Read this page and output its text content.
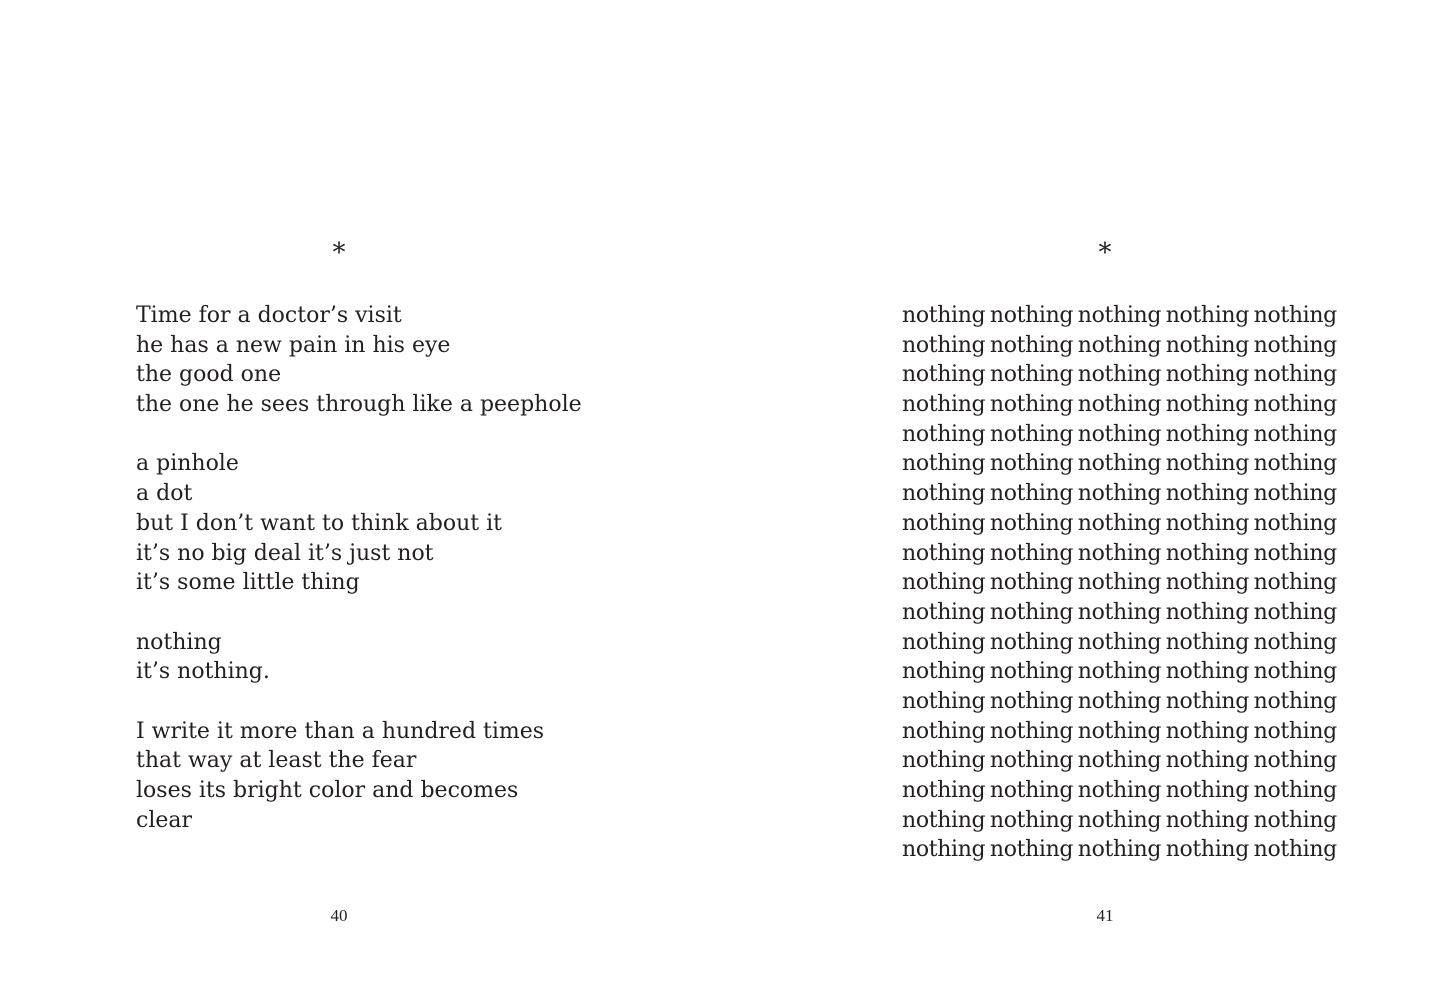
*
Time for a doctor’s visit
he has a new pain in his eye
the good one
the one he sees through like a peephole
a pinhole
a dot
but I don’t want to think about it
it’s no big deal it’s just not
it’s some little thing
nothing
it’s nothing.
I write it more than a hundred times
that way at least the fear
loses its bright color and becomes
clear
40
*
nothing nothing nothing nothing nothing
nothing nothing nothing nothing nothing
nothing nothing nothing nothing nothing
nothing nothing nothing nothing nothing
nothing nothing nothing nothing nothing
nothing nothing nothing nothing nothing
nothing nothing nothing nothing nothing
nothing nothing nothing nothing nothing
nothing nothing nothing nothing nothing
nothing nothing nothing nothing nothing
nothing nothing nothing nothing nothing
nothing nothing nothing nothing nothing
nothing nothing nothing nothing nothing
nothing nothing nothing nothing nothing
nothing nothing nothing nothing nothing
nothing nothing nothing nothing nothing
nothing nothing nothing nothing nothing
nothing nothing nothing nothing nothing
nothing nothing nothing nothing nothing
41
